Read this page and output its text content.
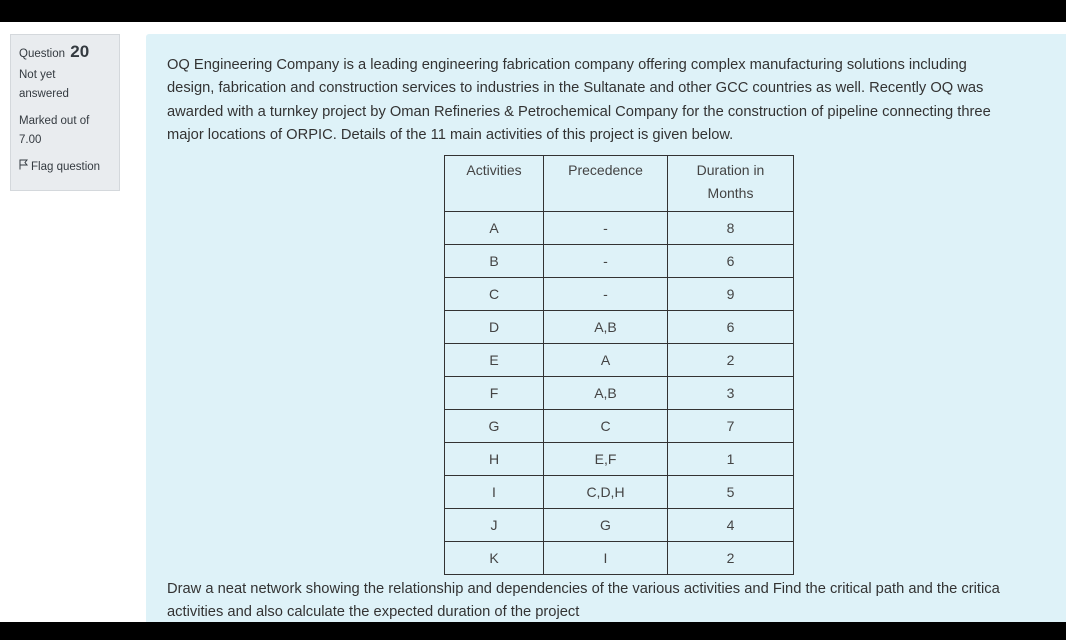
Question 20
Not yet
answered
Marked out of
7.00
Flag question
OQ Engineering Company is a leading engineering fabrication company offering complex manufacturing solutions including
design, fabrication and construction services to industries in the Sultanate and other GCC countries as well. Recently OQ was
awarded with a turnkey project by Oman Refineries & Petrochemical Company for the construction of pipeline connecting three
major locations of ORPIC. Details of the 11 main activities of this project is given below.
Activities	Precedence	Duration in
Months
A	-	8
B	-	6
C	-	9
D	A,B	6
E	A	2
F	A,B	3
G	C	7
H	E,F	1
I	C,D,H	5
J	G	4
K	I	2
Draw a neat network showing the relationship and dependencies of the various activities and Find the critical path and the critica
activities and also calculate the expected duration of the project
